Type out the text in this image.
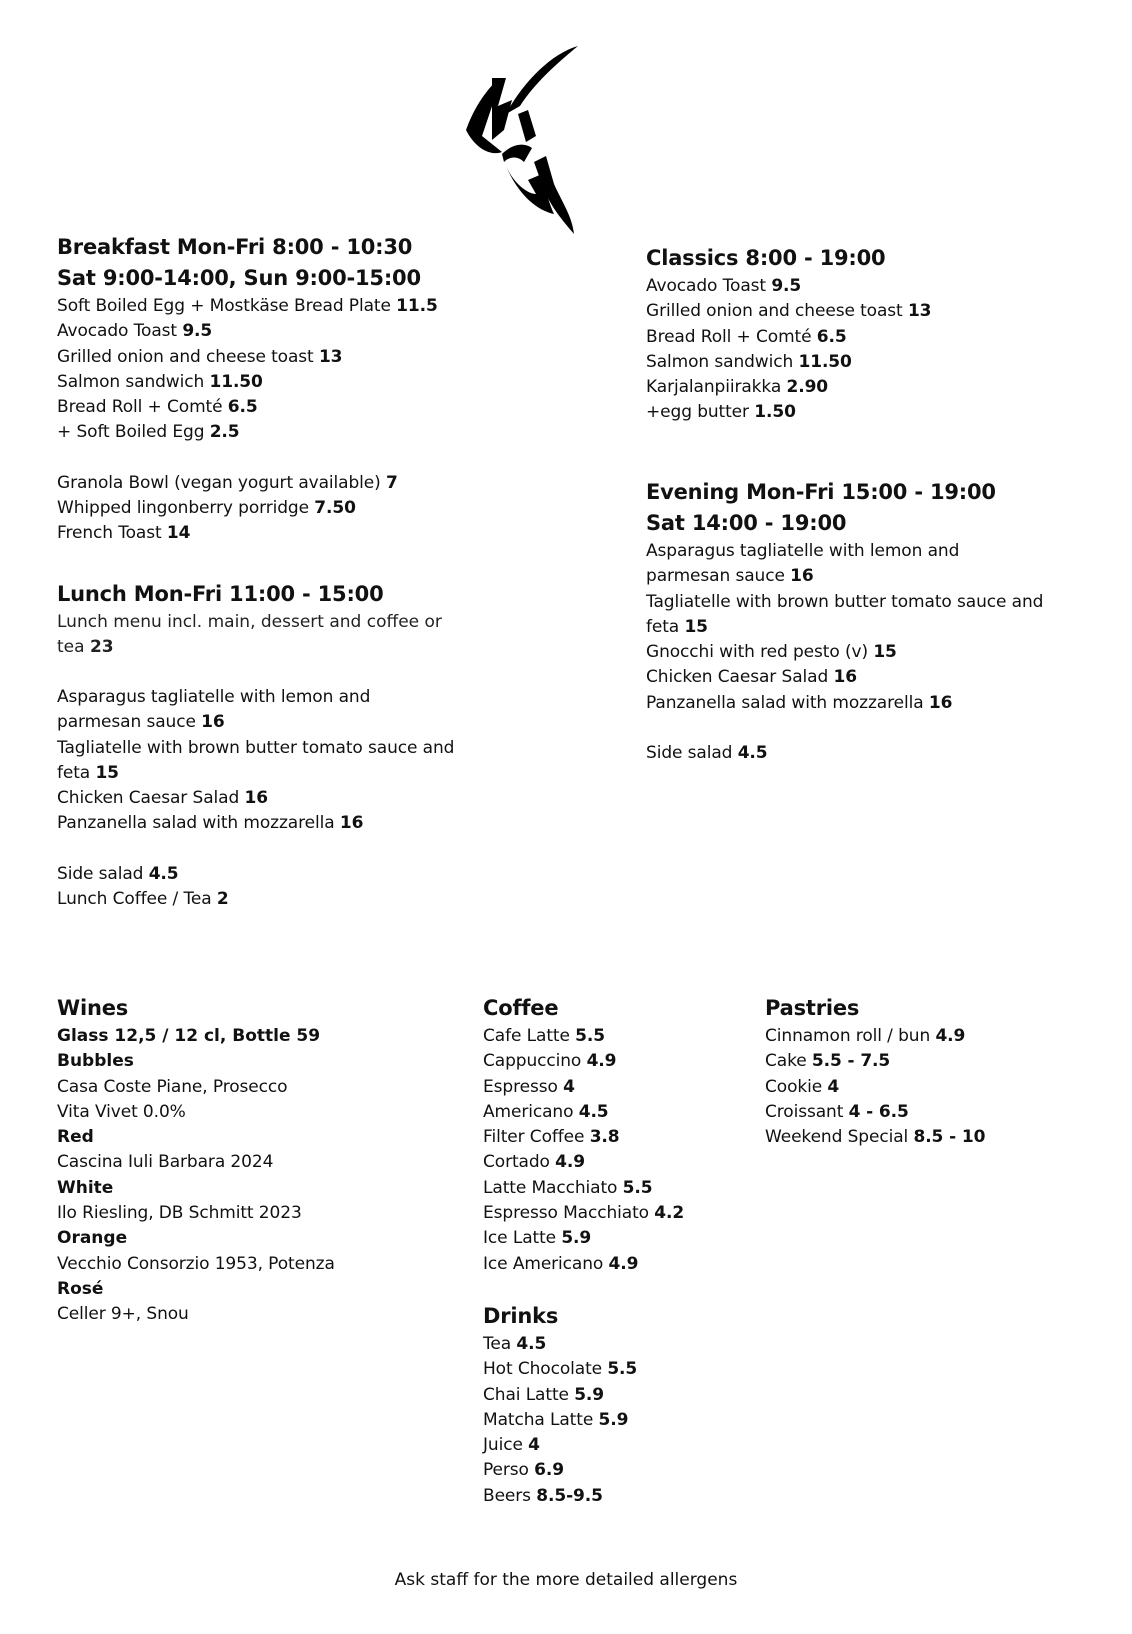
Breakfast Mon-Fri 8:00 - 10:30

Sat 9:00-14:00, Sun 9:00-15:00

Soft Boiled Egg + Mostkäse Bread Plate 11.5

Avocado Toast 9.5

Grilled onion and cheese toast 13

Salmon sandwich 11.50

Bread Roll + Comté 6.5

+ Soft Boiled Egg 2.5

Granola Bowl (vegan yogurt available) 7

Whipped lingonberry porridge 7.50

French Toast 14

Lunch Mon-Fri 11:00 - 15:00

Lunch menu incl. main, dessert and coffee or
tea 23

Asparagus tagliatelle with lemon and
parmesan sauce 16

Tagliatelle with brown butter tomato sauce and
feta 15

Chicken Caesar Salad 16

Panzanella salad with mozzarella 16

Side salad 4.5

Lunch Coffee / Tea 2

Classics 8:00 - 19:00

Avocado Toast 9.5

Grilled onion and cheese toast 13

Bread Roll + Comté 6.5

Salmon sandwich 11.50

Karjalanpiirakka 2.90

+egg butter 1.50

Evening Mon-Fri 15:00 - 19:00

Sat 14:00 - 19:00

Asparagus tagliatelle with lemon and
parmesan sauce 16

Tagliatelle with brown butter tomato sauce and
feta 15

Gnocchi with red pesto (v) 15

Chicken Caesar Salad 16

Panzanella salad with mozzarella 16

Side salad 4.5

Wines

Glass 12,5 / 12 cl, Bottle 59

Bubbles

Casa Coste Piane, Prosecco

Vita Vivet 0.0%

Red

Cascina Iuli Barbara 2024

White

Ilo Riesling, DB Schmitt 2023

Orange

Vecchio Consorzio 1953, Potenza

Rosé

Celler 9+, Snou

Coffee

Cafe Latte 5.5

Cappuccino 4.9

Espresso 4

Americano 4.5

Filter Coffee 3.8

Cortado 4.9

Latte Macchiato 5.5

Espresso Macchiato 4.2

Ice Latte 5.9

Ice Americano 4.9

Drinks

Tea 4.5

Hot Chocolate 5.5

Chai Latte 5.9

Matcha Latte 5.9

Juice 4

Perso 6.9

Beers 8.5-9.5

Pastries

Cinnamon roll / bun 4.9

Cake 5.5 - 7.5

Cookie 4

Croissant 4 - 6.5

Weekend Special 8.5 - 10

Ask staff for the more detailed allergens
